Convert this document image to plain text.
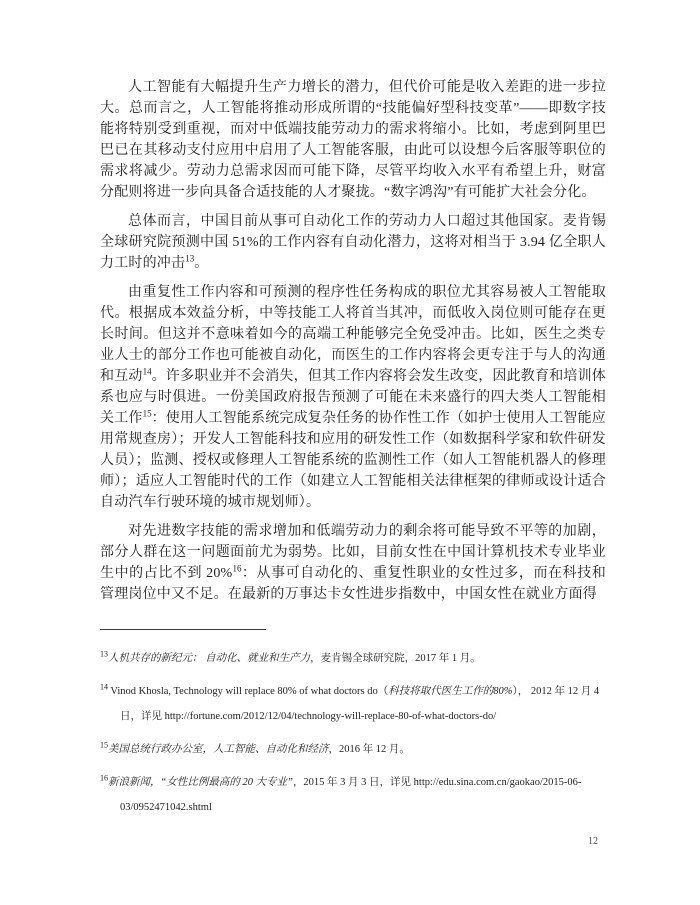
人工智能有大幅提升生产力增长的潜力，但代价可能是收入差距的进一步拉大。总而言之，人工智能将推动形成所谓的“技能偏好型科技变革”——即数字技能将特别受到重视，而对中低端技能劳动力的需求将缩小。比如，考虑到阿里巴巴已在其移动支付应用中启用了人工智能客服，由此可以设想今后客服等职位的需求将减少。劳动力总需求因而可能下降，尽管平均收入水平有希望上升，财富分配则将进一步向具备合适技能的人才聚拢。“数字鸿沟”有可能扩大社会分化。

总体而言，中国目前从事可自动化工作的劳动力人口超过其他国家。麦肯锡全球研究院预测中国 51%的工作内容有自动化潜力，这将对相当于 3.94 亿全职人力工时的冲击$^{13}$。

由重复性工作内容和可预测的程序性任务构成的职位尤其容易被人工智能取代。根据成本效益分析，中等技能工人将首当其冲，而低收入岗位则可能存在更长时间。但这并不意味着如今的高端工种能够完全免受冲击。比如，医生之类专业人士的部分工作也可能被自动化，而医生的工作内容将会更专注于与人的沟通和互动$^{14}$。许多职业并不会消失，但其工作内容将会发生改变，因此教育和培训体系也应与时俱进。一份美国政府报告预测了可能在未来盛行的四大类人工智能相关工作$^{15}$：使用人工智能系统完成复杂任务的协作性工作（如护士使用人工智能应用常规查房）；开发人工智能科技和应用的研发性工作（如数据科学家和软件研发人员）；监测、授权或修理人工智能系统的监测性工作（如人工智能机器人的修理师）；适应人工智能时代的工作（如建立人工智能相关法律框架的律师或设计适合自动汽车行驶环境的城市规划师）。

对先进数字技能的需求增加和低端劳动力的剩余将可能导致不平等的加剧，部分人群在这一问题面前尤为弱势。比如，目前女性在中国计算机技术专业毕业生中的占比不到 20%$^{16}$：从事可自动化的、重复性职业的女性过多，而在科技和管理岗位中又不足。在最新的万事达卡女性进步指数中，中国女性在就业方面得

$^{13}$人机共存的新纪元： 自动化、就业和生产力，麦肯锡全球研究院，2017 年 1 月。
$^{14}$ Vinod Khosla, Technology will replace 80% of what doctors do（科技将取代医生工作的80%）， 2012 年 12 月 4 日，详见 http://fortune.com/2012/12/04/technology-will-replace-80-of-what-doctors-do/
$^{15}$美国总统行政办公室，人工智能、自动化和经济，2016 年 12 月。
$^{16}$新浪新闻，“女性比例最高的 20 大专业”，2015 年 3 月 3 日，详见 http://edu.sina.com.cn/gaokao/2015-06-03/0952471042.shtml
12
